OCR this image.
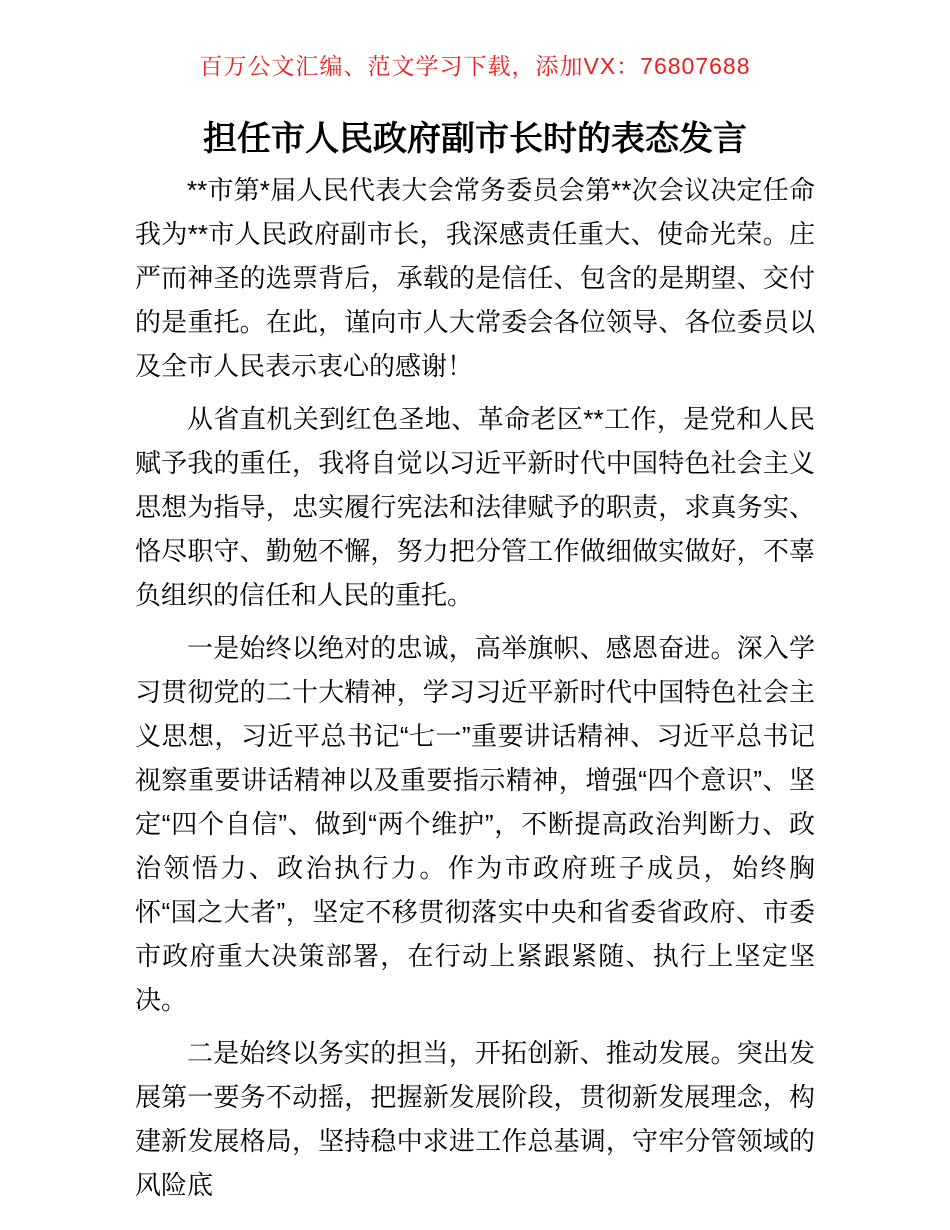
百万公文汇编、范文学习下载，添加VX：76807688
担任市人民政府副市长时的表态发言

**市第*届人民代表大会常务委员会第**次会议决定任命我为**市人民政府副市长，我深感责任重大、使命光荣。庄严而神圣的选票背后，承载的是信任、包含的是期望、交付的是重托。在此，谨向市人大常委会各位领导、各位委员以及全市人民表示衷心的感谢！

从省直机关到红色圣地、革命老区**工作，是党和人民赋予我的重任，我将自觉以习近平新时代中国特色社会主义思想为指导，忠实履行宪法和法律赋予的职责，求真务实、恪尽职守、勤勉不懈，努力把分管工作做细做实做好，不辜负组织的信任和人民的重托。

一是始终以绝对的忠诚，高举旗帜、感恩奋进。深入学习贯彻党的二十大精神，学习习近平新时代中国特色社会主义思想，习近平总书记“七一”重要讲话精神、习近平总书记视察重要讲话精神以及重要指示精神，增强“四个意识”、坚定“四个自信”、做到“两个维护”，不断提高政治判断力、政治领悟力、政治执行力。作为市政府班子成员，始终胸怀“国之大者”，坚定不移贯彻落实中央和省委省政府、市委市政府重大决策部署，在行动上紧跟紧随、执行上坚定坚决。

二是始终以务实的担当，开拓创新、推动发展。突出发展第一要务不动摇，把握新发展阶段，贯彻新发展理念，构建新发展格局，坚持稳中求进工作总基调，守牢分管领域的风险底
